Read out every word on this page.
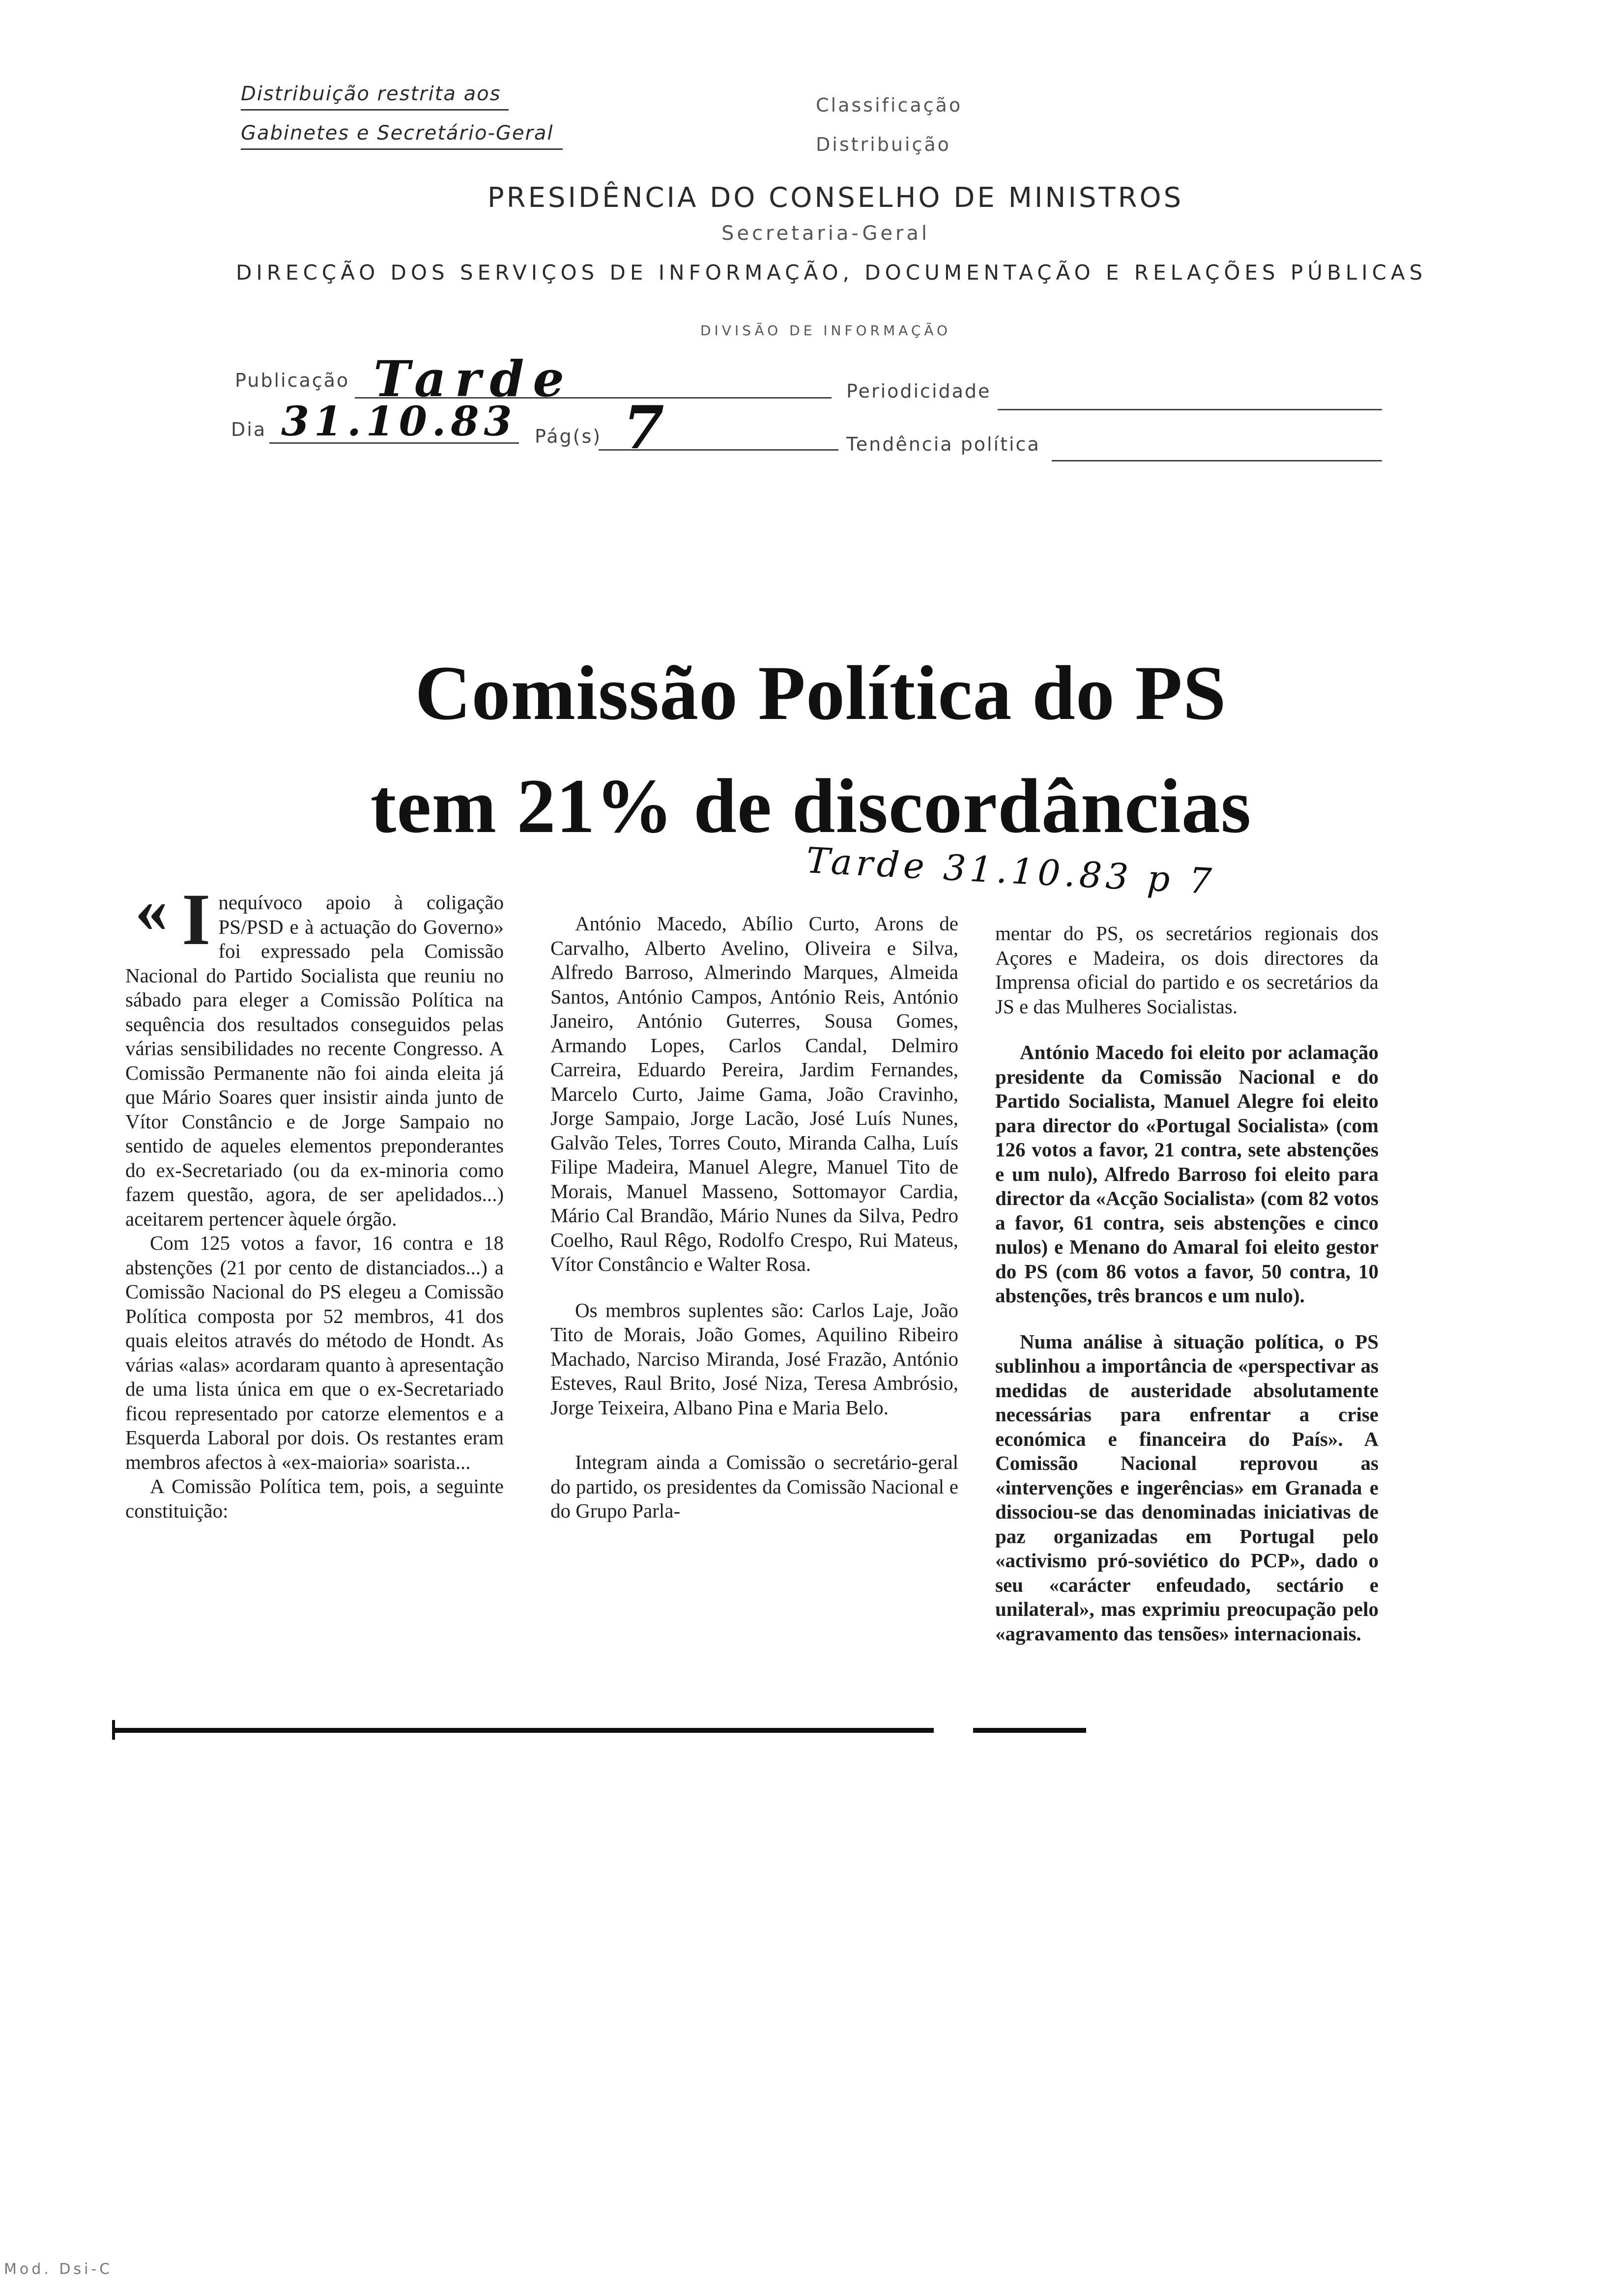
Distribuição restrita aos
Gabinetes e Secretário-Geral
Classificação
Distribuição
PRESIDÊNCIA DO CONSELHO DE MINISTROS
Secretaria-Geral
DIRECÇÃO DOS SERVIÇOS DE INFORMAÇÃO, DOCUMENTAÇÃO E RELAÇÕES PÚBLICAS
DIVISÃO DE INFORMAÇÃO
Publicação Tarde	Periodicidade
Dia 31.10.83 Pág(s) 7	Tendência política
Comissão Política do PS
tem 21% de discordâncias
Tarde 31.10.83 p 7
« Inequívoco apoio à coligação PS/PSD e à actuação do Governo» foi expressado pela Comissão Nacional do Partido Socialista que reuniu no sábado para eleger a Comissão Política na sequência dos resultados conseguidos pelas várias sensibilidades no recente Congresso. A Comissão Permanente não foi ainda eleita já que Mário Soares quer insistir ainda junto de Vítor Constâncio e de Jorge Sampaio no sentido de aqueles elementos preponderantes do ex-Secretariado (ou da ex-minoria como fazem questão, agora, de ser apelidados...) aceitarem pertencer àquele órgão.

Com 125 votos a favor, 16 contra e 18 abstenções (21 por cento de distanciados...) a Comissão Nacional do PS elegeu a Comissão Política composta por 52 membros, 41 dos quais eleitos através do método de Hondt. As várias «alas» acordaram quanto à apresentação de uma lista única em que o ex-Secretariado ficou representado por catorze elementos e a Esquerda Laboral por dois. Os restantes eram membros afectos à «ex-maioria» soarista...

A Comissão Política tem, pois, a seguinte constituição:

António Macedo, Abílio Curto, Arons de Carvalho, Alberto Avelino, Oliveira e Silva, Alfredo Barroso, Almerindo Marques, Almeida Santos, António Campos, António Reis, António Janeiro, António Guterres, Sousa Gomes, Armando Lopes, Carlos Candal, Delmiro Carreira, Eduardo Pereira, Jardim Fernandes, Marcelo Curto, Jaime Gama, João Cravinho, Jorge Sampaio, Jorge Lacão, José Luís Nunes, Galvão Teles, Torres Couto, Miranda Calha, Luís Filipe Madeira, Manuel Alegre, Manuel Tito de Morais, Manuel Masseno, Sottomayor Cardia, Mário Cal Brandão, Mário Nunes da Silva, Pedro Coelho, Raul Rêgo, Rodolfo Crespo, Rui Mateus, Vítor Constâncio e Walter Rosa.

Os membros suplentes são: Carlos Laje, João Tito de Morais, João Gomes, Aquilino Ribeiro Machado, Narciso Miranda, José Frazão, António Esteves, Raul Brito, José Niza, Teresa Ambrósio, Jorge Teixeira, Albano Pina e Maria Belo.

Integram ainda a Comissão o secretário-geral do partido, os presidentes da Comissão Nacional e do Grupo Parla-

mentar do PS, os secretários regionais dos Açores e Madeira, os dois directores da Imprensa oficial do partido e os secretários da JS e das Mulheres Socialistas.

António Macedo foi eleito por aclamação presidente da Comissão Nacional e do Partido Socialista, Manuel Alegre foi eleito para director do «Portugal Socialista» (com 126 votos a favor, 21 contra, sete abstenções e um nulo), Alfredo Barroso foi eleito para director da «Acção Socialista» (com 82 votos a favor, 61 contra, seis abstenções e cinco nulos) e Menano do Amaral foi eleito gestor do PS (com 86 votos a favor, 50 contra, 10 abstenções, três brancos e um nulo).

Numa análise à situação política, o PS sublinhou a importância de «perspectivar as medidas de austeridade absolutamente necessárias para enfrentar a crise económica e financeira do País». A Comissão Nacional reprovou as «intervenções e ingerências» em Granada e dissociou-se das denominadas iniciativas de paz organizadas em Portugal pelo «activismo pró-soviético do PCP», dado o seu «carácter enfeudado, sectário e unilateral», mas exprimiu preocupação pelo «agravamento das tensões» internacionais.

Mod. Dsi-C
